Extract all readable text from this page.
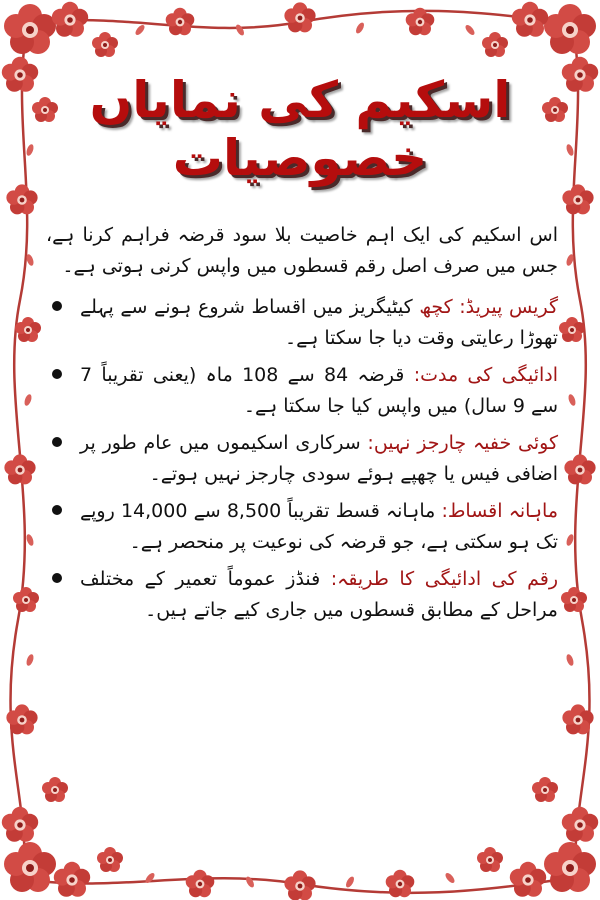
اسکیم کی نمایاں
خصوصیات

اس اسکیم کی ایک اہم خاصیت بلا سود قرضہ فراہم کرنا ہے، جس میں صرف اصل رقم قسطوں میں واپس کرنی ہوتی ہے۔

گریس پیریڈ: کچھ کیٹیگریز میں اقساط شروع ہونے سے پہلے تھوڑا رعایتی وقت دیا جا سکتا ہے۔
ادائیگی کی مدت: قرضہ 84 سے 108 ماہ (یعنی تقریباً 7 سے 9 سال) میں واپس کیا جا سکتا ہے۔
کوئی خفیہ چارجز نہیں: سرکاری اسکیموں میں عام طور پر اضافی فیس یا چھپے ہوئے سودی چارجز نہیں ہوتے۔
ماہانہ اقساط: ماہانہ قسط تقریباً 8,500 سے 14,000 روپے تک ہو سکتی ہے، جو قرضہ کی نوعیت پر منحصر ہے۔
رقم کی ادائیگی کا طریقہ: فنڈز عموماً تعمیر کے مختلف مراحل کے مطابق قسطوں میں جاری کیے جاتے ہیں۔
